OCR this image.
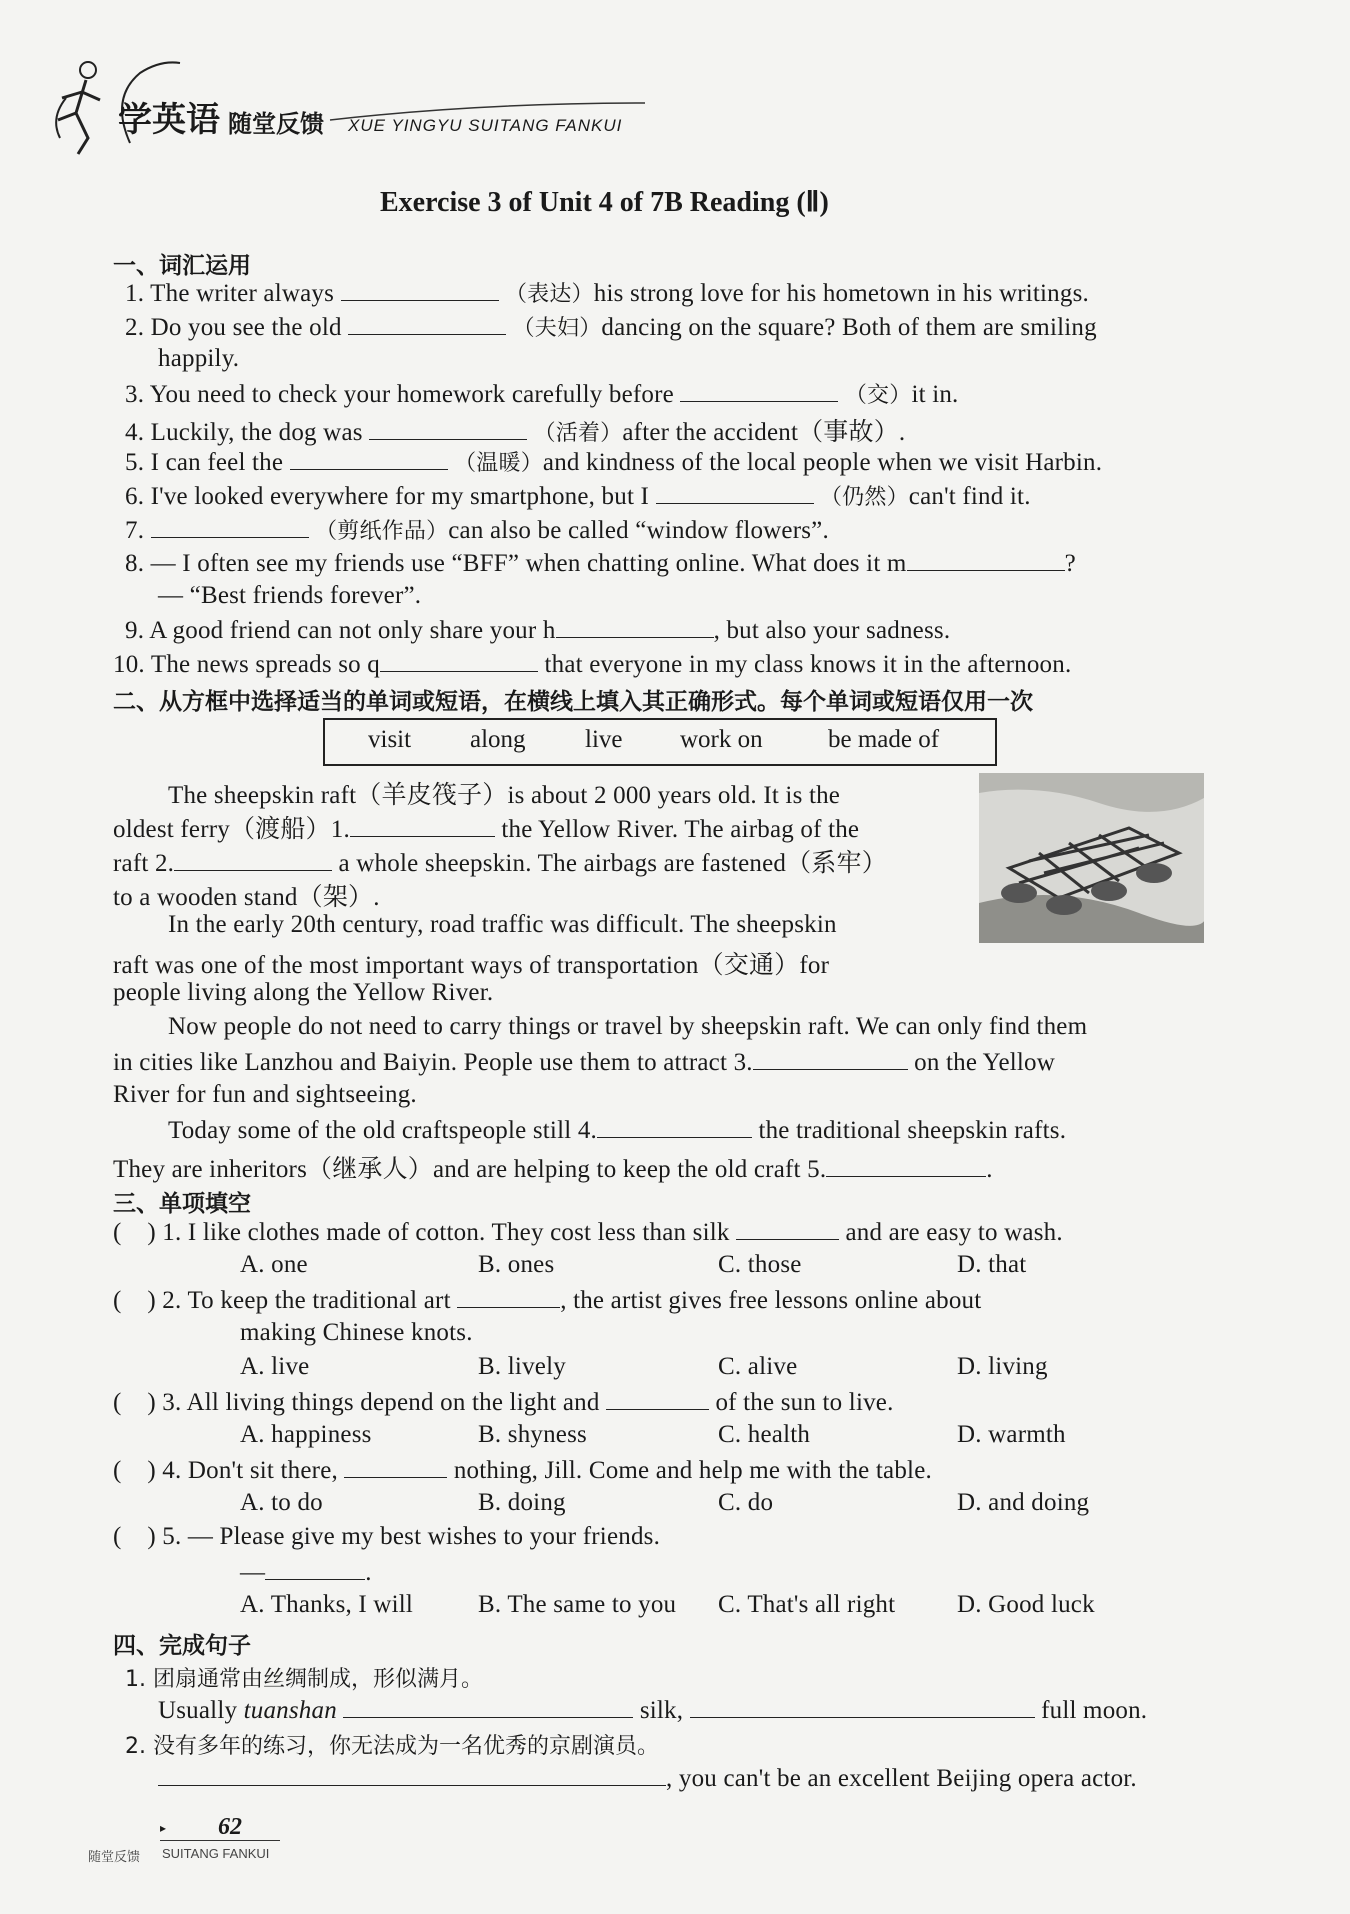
学英语 随堂反馈 XUE YINGYU SUITANG FANKUI
Exercise 3 of Unit 4 of 7B Reading (Ⅱ)
一、词汇运用
1. The writer always	（表达）his strong love for his hometown in his writings.
2. Do you see the old	（夫妇）dancing on the square? Both of them are smiling
happily.
3. You need to check your homework carefully before	（交）it in.
4. Luckily, the dog was	（活着）after the accident（事故）.
5. I can feel the	（温暖）and kindness of the local people when we visit Harbin.
6. I've looked everywhere for my smartphone, but I	（仍然）can't find it.
7.	（剪纸作品）can also be called “window flowers”.
8. — I often see my friends use “BFF” when chatting online. What does it m	?
— “Best friends forever”.
9. A good friend can not only share your h	, but also your sadness.
10. The news spreads so q	that everyone in my class knows it in the afternoon.
二、从方框中选择适当的单词或短语，在横线上填入其正确形式。每个单词或短语仅用一次
visit along live work on	be made of
The sheepskin raft（羊皮筏子）is about 2 000 years old. It is the
oldest ferry（渡船）1.	the Yellow River. The airbag of the
raft 2.	a whole sheepskin. The airbags are fastened（系牢）
to a wooden stand（架）.
In the early 20th century, road traffic was difficult. The sheepskin
raft was one of the most important ways of transportation（交通）for
people living along the Yellow River.
Now people do not need to carry things or travel by sheepskin raft. We can only find them
in cities like Lanzhou and Baiyin. People use them to attract 3.	on the Yellow
River for fun and sightseeing.
Today some of the old craftspeople still 4.	the traditional sheepskin rafts.
They are inheritors（继承人）and are helping to keep the old craft 5.	.
三、单项填空
(    ) 1. I like clothes made of cotton. They cost less than silk	and are easy to wash.
A. one	B. ones	C. those	D. that
(    ) 2. To keep the traditional art	, the artist gives free lessons online about
making Chinese knots.
A. live	B. lively	C. alive	D. living
(    ) 3. All living things depend on the light and	of the sun to live.
A. happiness	B. shyness	C. health	D. warmth
(    ) 4. Don't sit there,	nothing, Jill. Come and help me with the table.
A. to do	B. doing	C. do	D. and doing
(    ) 5. — Please give my best wishes to your friends.
—	.
A. Thanks, I will	B. The same to you C. That's all right D. Good luck
四、完成句子
1. 团扇通常由丝绸制成，形似满月。
Usually tuanshan	silk,	full moon.
2. 没有多年的练习，你无法成为一名优秀的京剧演员。
, you can't be an excellent Beijing opera actor.
▸ 62
随堂反馈 SUITANG FANKUI
